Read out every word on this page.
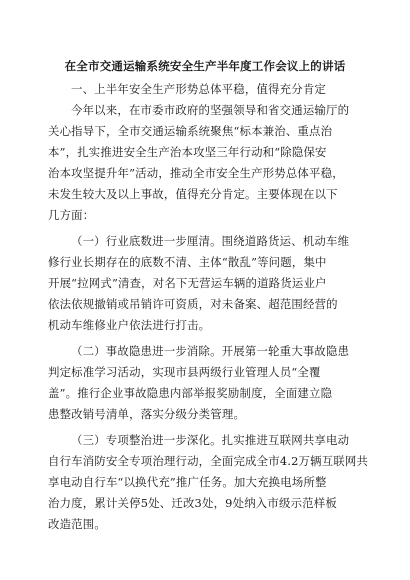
在全市交通运输系统安全生产半年度工作会议上的讲话
一、上半年安全生产形势总体平稳，值得充分肯定
今年以来，在市委市政府的坚强领导和省交通运输厅的
关心指导下，全市交通运输系统聚焦“标本兼治、重点治
本”，扎实推进安全生产治本攻坚三年行动和“除隐保安
治本攻坚提升年”活动，推动全市安全生产形势总体平稳，
未发生较大及以上事故，值得充分肯定。主要体现在以下
几方面：
（一）行业底数进一步厘清。围绕道路货运、机动车维
修行业长期存在的底数不清、主体“散乱”等问题，集中
开展“拉网式”清查，对名下无营运车辆的道路货运业户
依法依规撤销或吊销许可资质，对未备案、超范围经营的
机动车维修业户依法进行打击。
（二）事故隐患进一步消除。开展第一轮重大事故隐患
判定标准学习活动，实现市县两级行业管理人员“全覆
盖”。推行企业事故隐患内部举报奖励制度，全面建立隐
患整改销号清单，落实分级分类管理。
（三）专项整治进一步深化。扎实推进互联网共享电动
自行车消防安全专项治理行动，全面完成全市4.2万辆互联网共
享电动自行车“以换代充”推广任务。加大充换电场所整
治力度，累计关停5处、迁改3处，9处纳入市级示范样板
改造范围。
